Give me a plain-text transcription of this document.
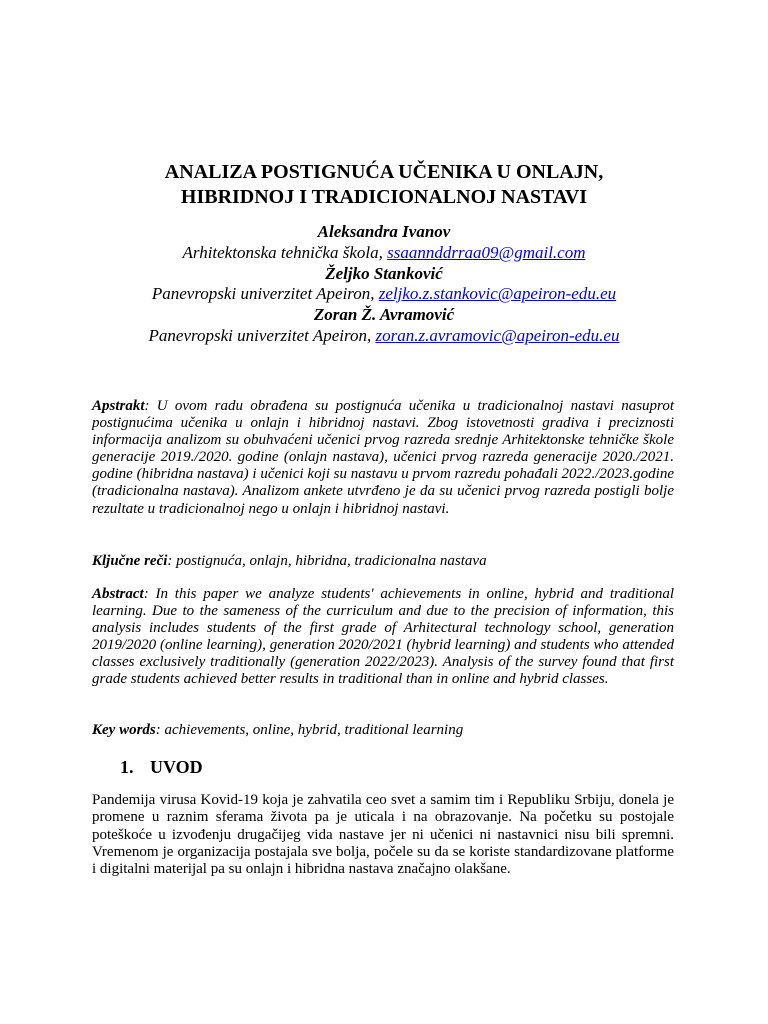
ANALIZA POSTIGNUĆA UČENIKA U ONLAJN,
HIBRIDNOJ I TRADICIONALNOJ NASTAVI
Aleksandra Ivanov
Arhitektonska tehnička škola, ssaannddrraa09@gmail.com
Željko Stanković
Panevropski univerzitet Apeiron, zeljko.z.stankovic@apeiron-edu.eu
Zoran Ž. Avramović
Panevropski univerzitet Apeiron, zoran.z.avramovic@apeiron-edu.eu
Apstrakt: U ovom radu obrađena su postignuća učenika u tradicionalnoj nastavi nasuprot postignućima učenika u onlajn i hibridnoj nastavi. Zbog istovetnosti gradiva i preciznosti informacija analizom su obuhvaćeni učenici prvog razreda srednje Arhitektonske tehničke škole generacije 2019./2020. godine (onlajn nastava), učenici prvog razreda generacije 2020./2021. godine (hibridna nastava) i učenici koji su nastavu u prvom razredu pohađali 2022./2023.godine (tradicionalna nastava). Analizom ankete utvrđeno je da su učenici prvog razreda postigli bolje rezultate u tradicionalnoj nego u onlajn i hibridnoj nastavi.
Ključne reči: postignuća, onlajn, hibridna, tradicionalna nastava
Abstract: In this paper we analyze students' achievements in online, hybrid and traditional learning. Due to the sameness of the curriculum and due to the precision of information, this analysis includes students of the first grade of Arhitectural technology school, generation 2019/2020 (online learning), generation 2020/2021 (hybrid learning) and students who attended classes exclusively traditionally (generation 2022/2023). Analysis of the survey found that first grade students achieved better results in traditional than in online and hybrid classes.
Key words: achievements, online, hybrid, traditional learning
1. UVOD
Pandemija virusa Kovid-19 koja je zahvatila ceo svet a samim tim i Republiku Srbiju, donela je promene u raznim sferama života pa je uticala i na obrazovanje. Na početku su postojale poteškoće u izvođenju drugačijeg vida nastave jer ni učenici ni nastavnici nisu bili spremni. Vremenom je organizacija postajala sve bolja, počele su da se koriste standardizovane platforme i digitalni materijal pa su onlajn i hibridna nastava značajno olakšane.
